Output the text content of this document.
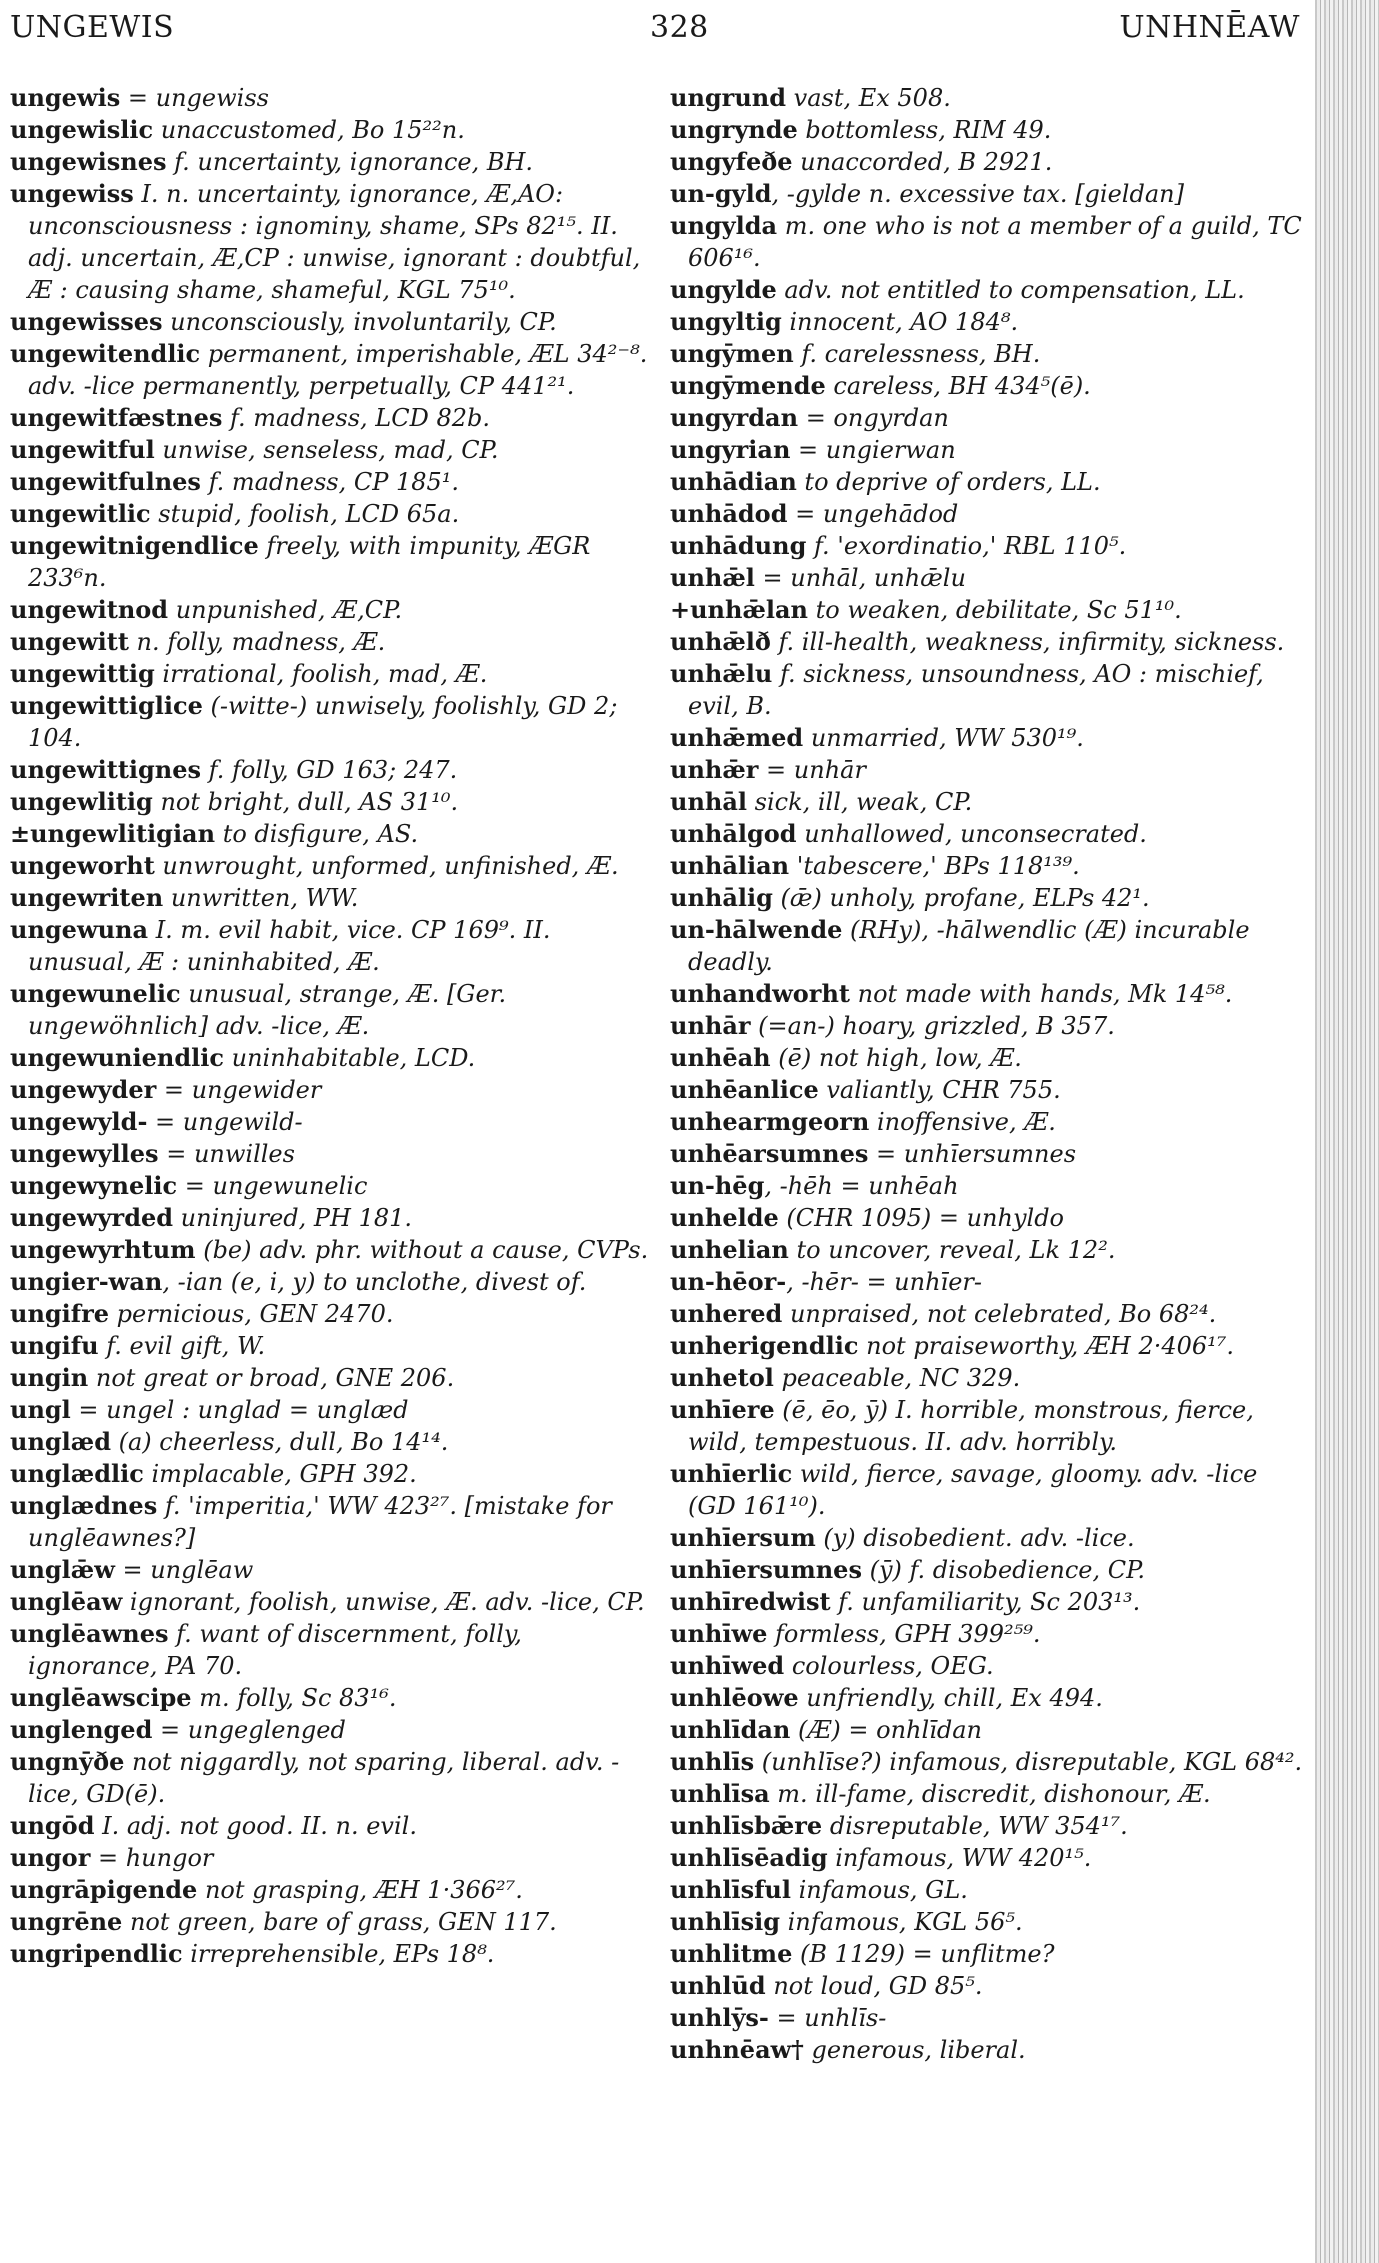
UNGEWIS	328	UNHNĒAW
ungewis = ungewiss
ungewislic unaccustomed, Bo 15²²n.
ungewisnes f. uncertainty, ignorance, BH.
ungewiss I. n. uncertainty, ignorance, Æ,AO: unconsciousness : ignominy, shame, SPs 82¹⁵. II. adj. uncertain, Æ,CP : unwise, ignorant : doubtful, Æ : causing shame, shameful, KGL 75¹⁰.
ungewisses unconsciously, involuntarily, CP.
ungewitendlic permanent, imperishable, ÆL 34²⁻⁸. adv. -lice permanently, perpetually, CP 441²¹.
ungewitfæstnes f. madness, LCD 82b.
ungewitful unwise, senseless, mad, CP.
ungewitfulnes f. madness, CP 185¹.
ungewitlic stupid, foolish, LCD 65a.
ungewitnigendlice freely, with impunity, ÆGR 233⁶n.
ungewitnod unpunished, Æ,CP.
ungewitt n. folly, madness, Æ.
ungewittig irrational, foolish, mad, Æ.
ungewittiglice (-witte-) unwisely, foolishly, GD 2; 104.
ungewittignes f. folly, GD 163; 247.
ungewlitig not bright, dull, AS 31¹⁰.
±ungewlitigian to disfigure, AS.
ungeworht unwrought, unformed, unfinished, Æ.
ungewriten unwritten, WW.
ungewuna I. m. evil habit, vice. CP 169⁹. II. unusual, Æ : uninhabited, Æ.
ungewunelic unusual, strange, Æ. [Ger. ungewöhnlich] adv. -lice, Æ.
ungewuniendlic uninhabitable, LCD.
ungewyder = ungewider
ungewyld- = ungewild-
ungewylles = unwilles
ungewynelic = ungewunelic
ungewyrded uninjured, PH 181.
ungewyrhtum (be) adv. phr. without a cause, CVPs.
ungier-wan, -ian (e, i, y) to unclothe, divest of.
ungifre pernicious, GEN 2470.
ungifu f. evil gift, W.
ungin not great or broad, GNE 206.
ungl = ungel : unglad = unglæd
unglæd (a) cheerless, dull, Bo 14¹⁴.
unglædlic implacable, GPH 392.
unglædnes f. 'imperitia,' WW 423²⁷. [mistake for unglēawnes?]
unglǣw = unglēaw
unglēaw ignorant, foolish, unwise, Æ. adv. -lice, CP.
unglēawnes f. want of discernment, folly, ignorance, PA 70.
unglēawscipe m. folly, Sc 83¹⁶.
unglenged = ungeglenged
ungnȳðe not niggardly, not sparing, liberal. adv. -lice, GD(ē).
ungōd I. adj. not good. II. n. evil.
ungor = hungor
ungrāpigende not grasping, ÆH 1·366²⁷.
ungrēne not green, bare of grass, GEN 117.
ungripendlic irreprehensible, EPs 18⁸.
ungrund vast, Ex 508.
ungrynde bottomless, RIM 49.
ungyfeðe unaccorded, B 2921.
un-gyld, -gylde n. excessive tax. [gieldan]
ungylda m. one who is not a member of a guild, TC 606¹⁶.
ungylde adv. not entitled to compensation, LL.
ungyltig innocent, AO 184⁸.
ungȳmen f. carelessness, BH.
ungȳmende careless, BH 434⁵(ē).
ungyrdan = ongyrdan
ungyrian = ungierwan
unhādian to deprive of orders, LL.
unhādod = ungehādod
unhādung f. 'exordinatio,' RBL 110⁵.
unhǣl = unhāl, unhǣlu
+unhǣlan to weaken, debilitate, Sc 51¹⁰.
unhǣlð f. ill-health, weakness, infirmity, sickness.
unhǣlu f. sickness, unsoundness, AO : mischief, evil, B.
unhǣmed unmarried, WW 530¹⁹.
unhǣr = unhār
unhāl sick, ill, weak, CP.
unhālgod unhallowed, unconsecrated.
unhālian 'tabescere,' BPs 118¹³⁹.
unhālig (ǣ) unholy, profane, ELPs 42¹.
un-hālwende (RHy), -hālwendlic (Æ) incurable deadly.
unhandworht not made with hands, Mk 14⁵⁸.
unhār (=an-) hoary, grizzled, B 357.
unhēah (ē) not high, low, Æ.
unhēanlice valiantly, CHR 755.
unhearmgeorn inoffensive, Æ.
unhēarsumnes = unhīersumnes
un-hēg, -hēh = unhēah
unhelde (CHR 1095) = unhyldo
unhelian to uncover, reveal, Lk 12².
un-hēor-, -hēr- = unhīer-
unhered unpraised, not celebrated, Bo 68²⁴.
unherigendlic not praiseworthy, ÆH 2·406¹⁷.
unhetol peaceable, NC 329.
unhīere (ē, ēo, ȳ) I. horrible, monstrous, fierce, wild, tempestuous. II. adv. horribly.
unhīerlic wild, fierce, savage, gloomy. adv. -lice (GD 161¹⁰).
unhīersum (y) disobedient. adv. -lice.
unhīersumnes (ȳ) f. disobedience, CP.
unhīredwist f. unfamiliarity, Sc 203¹³.
unhīwe formless, GPH 399²⁵⁹.
unhīwed colourless, OEG.
unhlēowe unfriendly, chill, Ex 494.
unhlīdan (Æ) = onhlīdan
unhlīs (unhlīse?) infamous, disreputable, KGL 68⁴².
unhlīsa m. ill-fame, discredit, dishonour, Æ.
unhlīsbǣre disreputable, WW 354¹⁷.
unhlīsēadig infamous, WW 420¹⁵.
unhlīsful infamous, GL.
unhlīsig infamous, KGL 56⁵.
unhlitme (B 1129) = unflitme?
unhlūd not loud, GD 85⁵.
unhlȳs- = unhlīs-
unhnēaw† generous, liberal.
